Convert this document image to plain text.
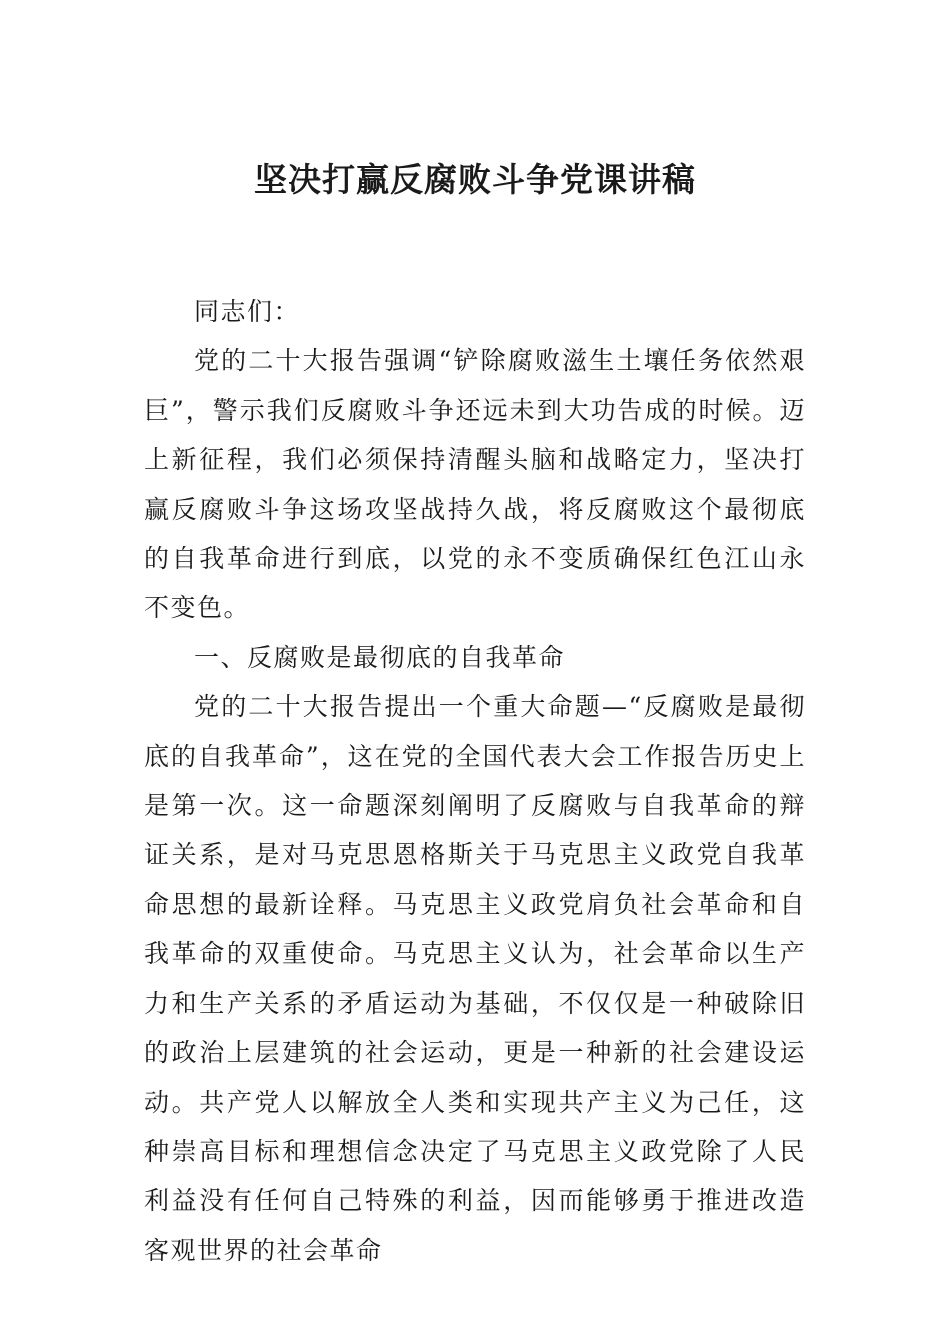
坚决打赢反腐败斗争党课讲稿

同志们：

党的二十大报告强调“铲除腐败滋生土壤任务依然艰巨”，警示我们反腐败斗争还远未到大功告成的时候。迈上新征程，我们必须保持清醒头脑和战略定力，坚决打赢反腐败斗争这场攻坚战持久战，将反腐败这个最彻底的自我革命进行到底，以党的永不变质确保红色江山永不变色。

一、反腐败是最彻底的自我革命

党的二十大报告提出一个重大命题—“反腐败是最彻底的自我革命”，这在党的全国代表大会工作报告历史上是第一次。这一命题深刻阐明了反腐败与自我革命的辩证关系，是对马克思恩格斯关于马克思主义政党自我革命思想的最新诠释。马克思主义政党肩负社会革命和自我革命的双重使命。马克思主义认为，社会革命以生产力和生产关系的矛盾运动为基础，不仅仅是一种破除旧的政治上层建筑的社会运动，更是一种新的社会建设运动。共产党人以解放全人类和实现共产主义为己任，这种崇高目标和理想信念决定了马克思主义政党除了人民利益没有任何自己特殊的利益，因而能够勇于推进改造客观世界的社会革命
